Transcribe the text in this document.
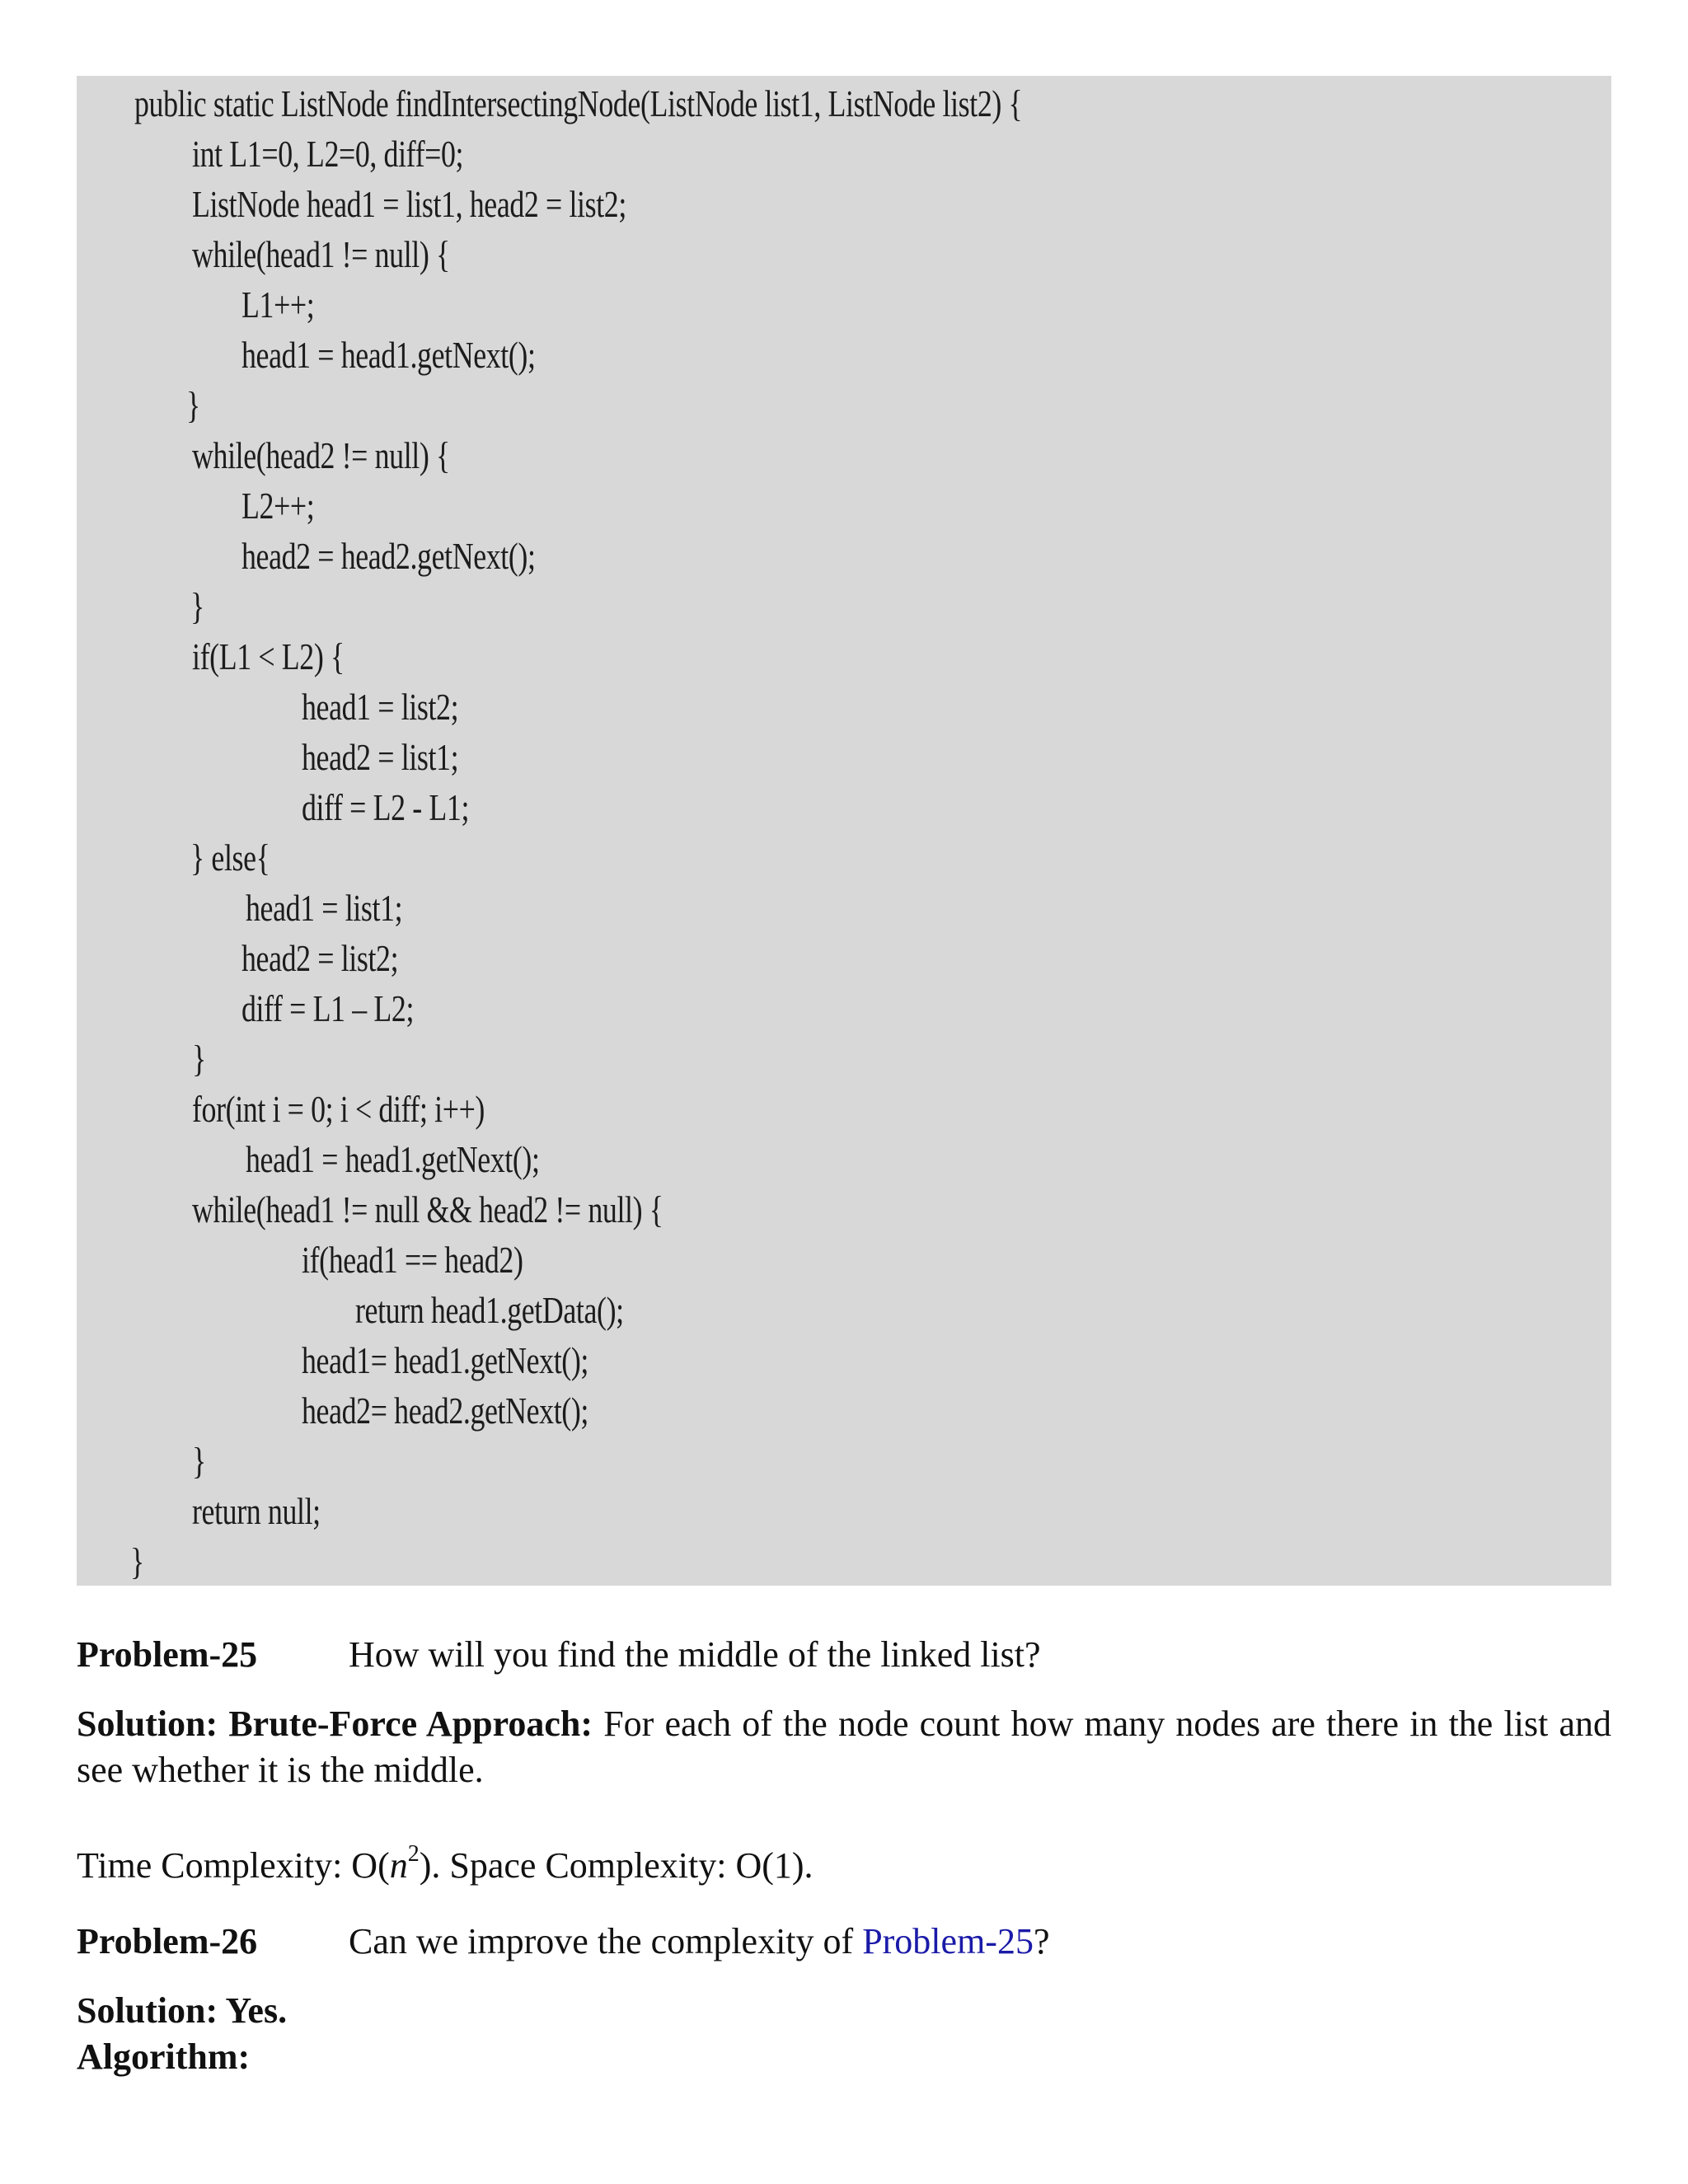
public static ListNode findIntersectingNode(ListNode list1, ListNode list2) {
int L1=0, L2=0, diff=0;
ListNode head1 = list1, head2 = list2;
while(head1 != null) {
L1++;
head1 = head1.getNext();
}
while(head2 != null) {
L2++;
head2 = head2.getNext();
}
if(L1 < L2) {
head1 = list2;
head2 = list1;
diff = L2 - L1;
} else{
head1 = list1;
head2 = list2;
diff = L1 – L2;
}
for(int i = 0; i < diff; i++)
head1 = head1.getNext();
while(head1 != null && head2 != null) {
if(head1 == head2)
return head1.getData();
head1= head1.getNext();
head2= head2.getNext();
}
return null;
}
Problem-25	How will you find the middle of the linked list?
Solution: Brute-Force Approach: For each of the node count how many nodes are there in the list and see whether it is the middle.
Time Complexity: $O(n^2)$. Space Complexity: O(1).
Problem-26	Can we improve the complexity of Problem-25?
Solution: Yes.
Algorithm:
